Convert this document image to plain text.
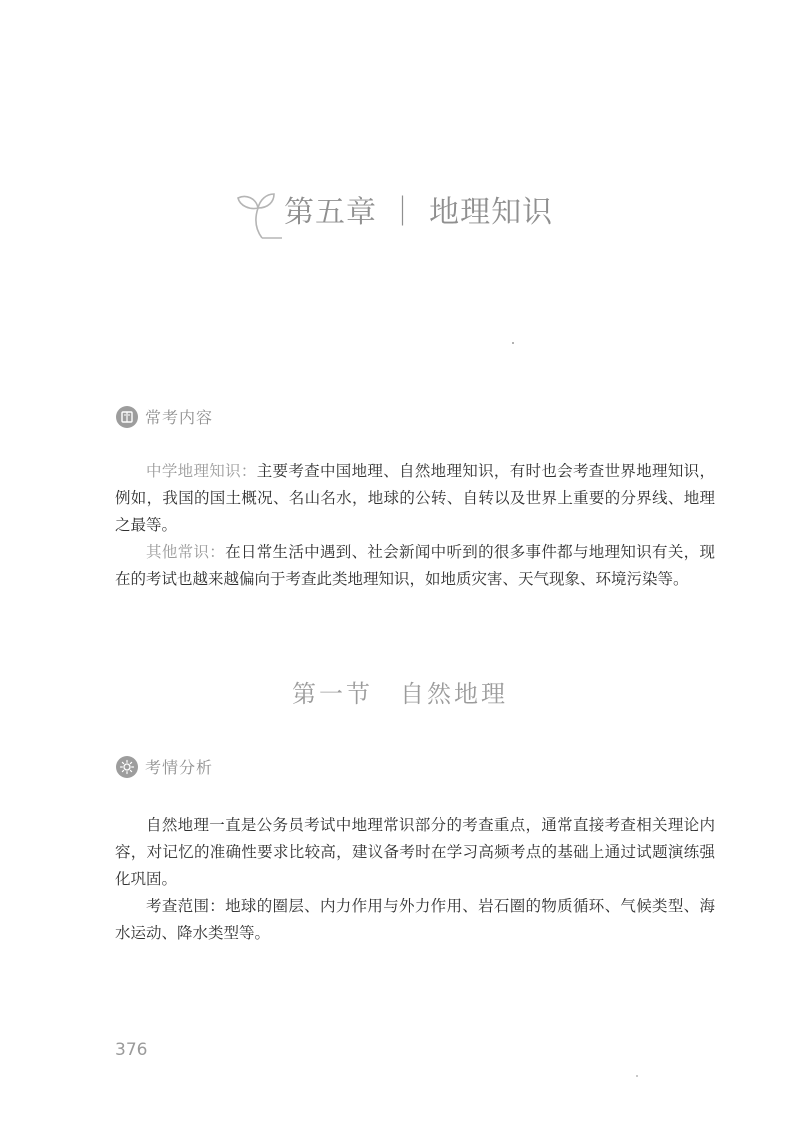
第五章 ｜ 地理知识
常考内容

中学地理知识：主要考查中国地理、自然地理知识，有时也会考查世界地理知识，例如，我国的国土概况、名山名水，地球的公转、自转以及世界上重要的分界线、地理之最等。

其他常识：在日常生活中遇到、社会新闻中听到的很多事件都与地理知识有关，现在的考试也越来越偏向于考查此类地理知识，如地质灾害、天气现象、环境污染等。

第一节　自然地理
考情分析

自然地理一直是公务员考试中地理常识部分的考查重点，通常直接考查相关理论内容，对记忆的准确性要求比较高，建议备考时在学习高频考点的基础上通过试题演练强化巩固。

考查范围：地球的圈层、内力作用与外力作用、岩石圈的物质循环、气候类型、海水运动、降水类型等。

376
